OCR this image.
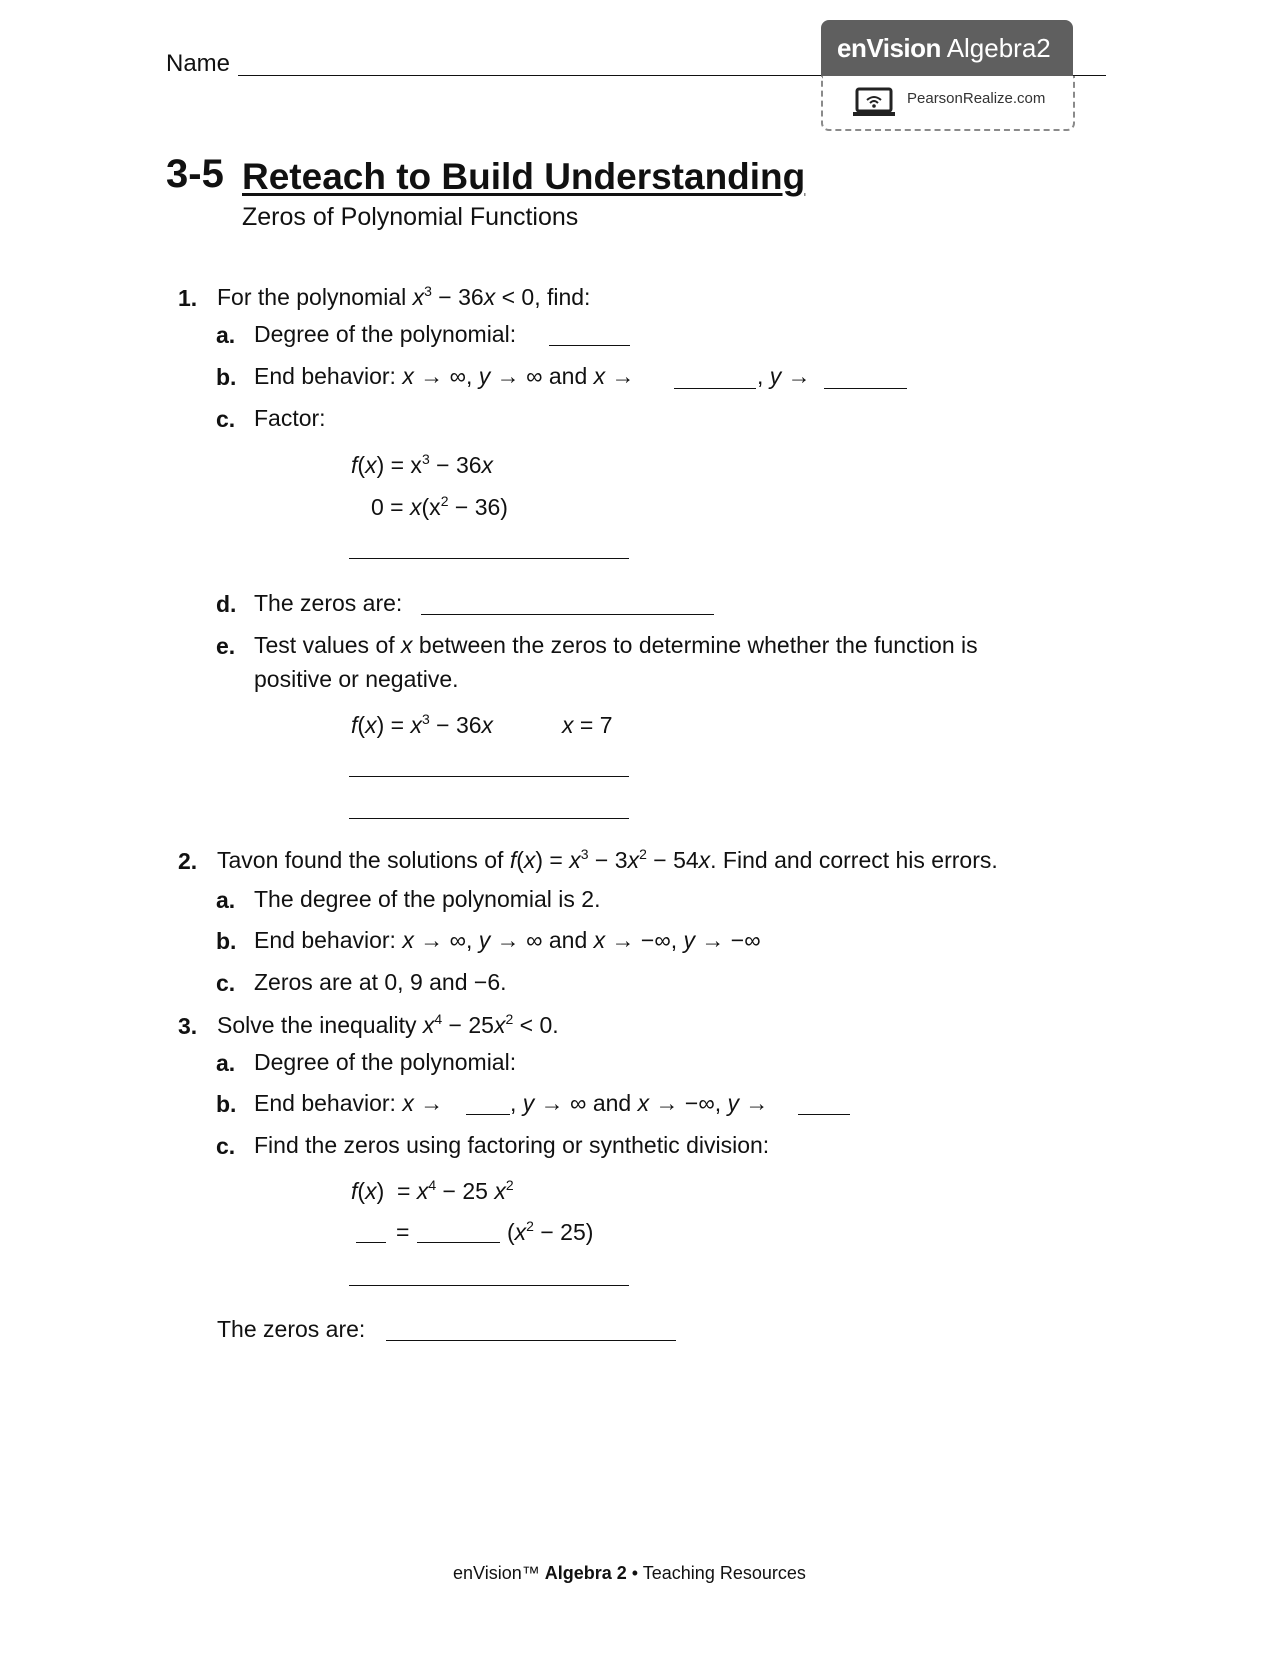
Name
enVision Algebra2
PearsonRealize.com
3-5 Reteach to Build Understanding
Zeros of Polynomial Functions
1. For the polynomial $x^3 - 36x < 0$, find:
a. Degree of the polynomial:
b. End behavior: x → ∞, y → ∞ and x →	, y →
c. Factor:
$f(x) = x^3 - 36x$
$0 = x(x^2 - 36)$
d. The zeros are:
e. Test values of x between the zeros to determine whether the function is
positive or negative.
$f(x) = x^3 - 36x$	x = 7
2. Tavon found the solutions of $f(x) = x^3 - 3x^2 - 54x$. Find and correct his errors.
a. The degree of the polynomial is 2.
b. End behavior: x → ∞, y → ∞ and x → −∞, y → −∞
c. Zeros are at 0, 9 and −6.
3. Solve the inequality $x^4 - 25x^2 < 0$.
a. Degree of the polynomial:
b. End behavior: x →	, y → ∞ and x → −∞, y →
c. Find the zeros using factoring or synthetic division:
$f(x) = x^4 - 25$ $x^2$
=	$(x^2 - 25)$
The zeros are:
enVision™ Algebra 2 • Teaching Resources
